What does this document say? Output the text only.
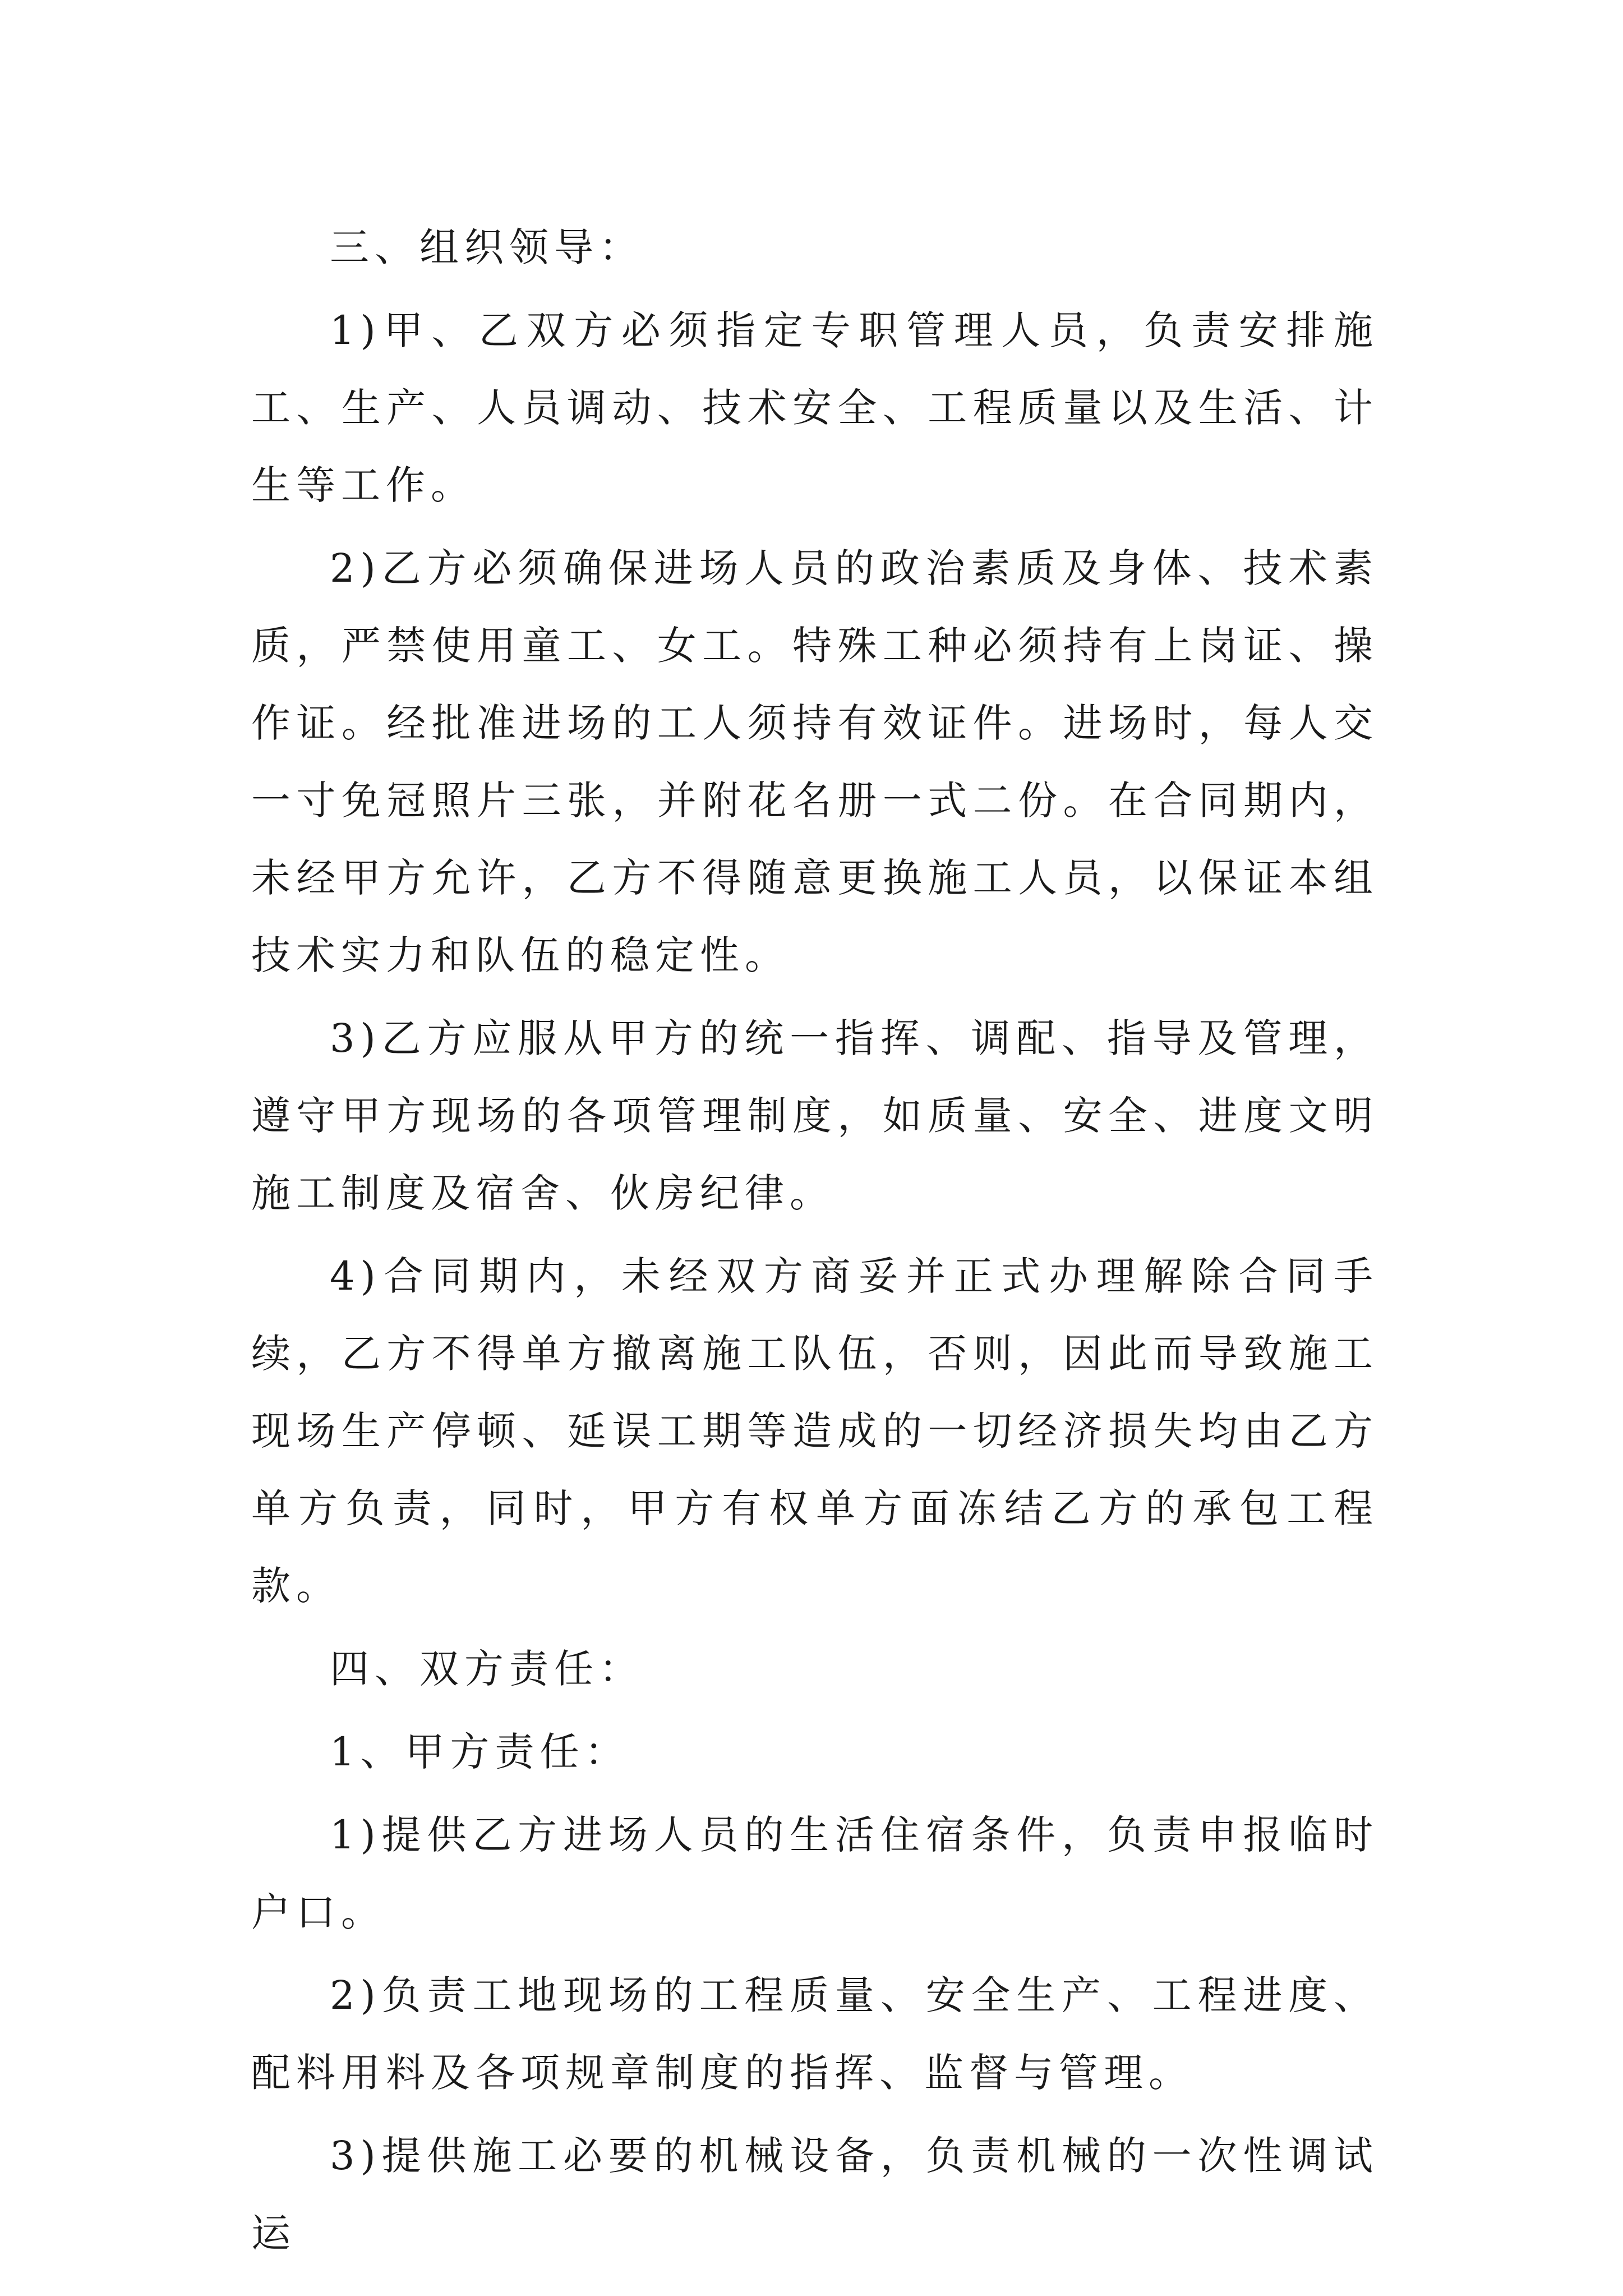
三、组织领导：

1)甲、乙双方必须指定专职管理人员，负责安排施工、生产、人员调动、技术安全、工程质量以及生活、计生等工作。

2)乙方必须确保进场人员的政治素质及身体、技术素质，严禁使用童工、女工。特殊工种必须持有上岗证、操作证。经批准进场的工人须持有效证件。进场时，每人交一寸免冠照片三张，并附花名册一式二份。在合同期内，未经甲方允许，乙方不得随意更换施工人员，以保证本组技术实力和队伍的稳定性。

3)乙方应服从甲方的统一指挥、调配、指导及管理，遵守甲方现场的各项管理制度，如质量、安全、进度文明施工制度及宿舍、伙房纪律。

4)合同期内，未经双方商妥并正式办理解除合同手续，乙方不得单方撤离施工队伍，否则，因此而导致施工现场生产停顿、延误工期等造成的一切经济损失均由乙方单方负责，同时，甲方有权单方面冻结乙方的承包工程款。

四、双方责任：

1、甲方责任：

1)提供乙方进场人员的生活住宿条件，负责申报临时户口。

2)负责工地现场的工程质量、安全生产、工程进度、配料用料及各项规章制度的指挥、监督与管理。

3)提供施工必要的机械设备，负责机械的一次性调试运
